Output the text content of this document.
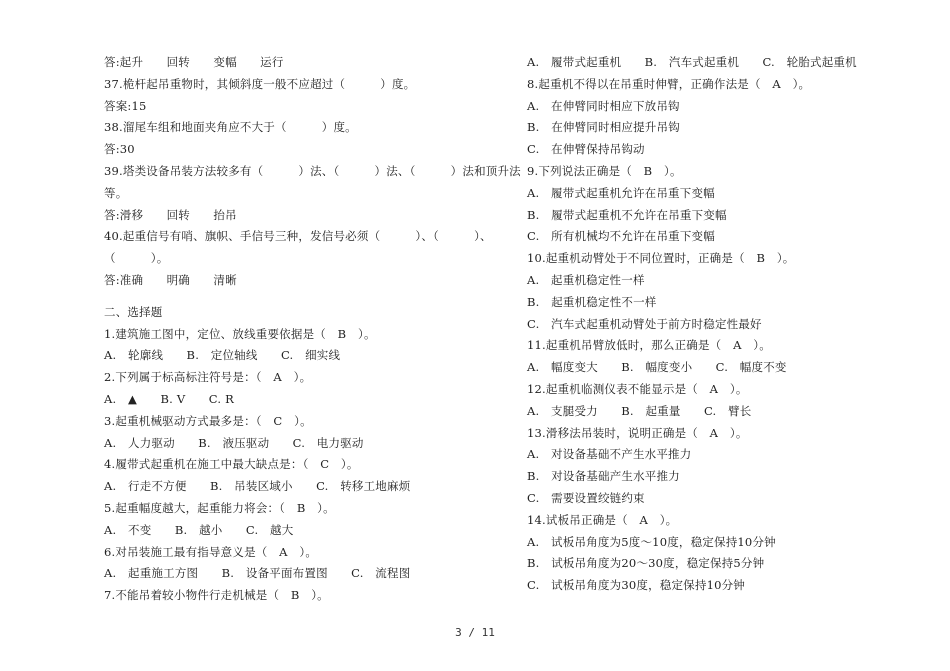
答:起升　　回转　　变幅　　运行
37.桅杆起吊重物时，其倾斜度一般不应超过（　　　）度。
答案:15
38.溜尾车组和地面夹角应不大于（　　　）度。
答:30
39.塔类设备吊装方法较多有（　　　）法、（　　　）法、（　　　）法和顶升法
等。
答:滑移　　回转　　抬吊
40.起重信号有哨、旗帜、手信号三种，发信号必须（　　　）、（　　　）、
（　　　）。
答:准确　　明确　　清晰
二、选择题
1.建筑施工图中，定位、放线重要依据是（　B　）。
A.　轮廓线　　B.　定位轴线　　C.　细实线
2.下列属于标高标注符号是：（　A　）。
A.　▲　　B. V　　C. R
3.起重机械驱动方式最多是：（　C　）。
A.　人力驱动　　B.　液压驱动　　C.　电力驱动
4.履带式起重机在施工中最大缺点是：（　C　）。
A.　行走不方便　　B.　吊装区域小　　C.　转移工地麻烦
5.起重幅度越大，起重能力将会：（　B　）。
A.　不变　　B.　越小　　C.　越大
6.对吊装施工最有指导意义是（　A　）。
A.　起重施工方图　　B.　设备平面布置图　　C.　流程图
7.不能吊着较小物件行走机械是（　B　）。
A.　履带式起重机　　B.　汽车式起重机　　C.　轮胎式起重机
8.起重机不得以在吊重时伸臂，正确作法是（　A　）。
A.　在伸臂同时相应下放吊钩
B.　在伸臂同时相应提升吊钩
C.　在伸臂保持吊钩动
9.下列说法正确是（　B　）。
A.　履带式起重机允许在吊重下变幅
B.　履带式起重机不允许在吊重下变幅
C.　所有机械均不允许在吊重下变幅
10.起重机动臂处于不同位置时，正确是（　B　）。
A.　起重机稳定性一样
B.　起重机稳定性不一样
C.　汽车式起重机动臂处于前方时稳定性最好
11.起重机吊臂放低时，那么正确是（　A　）。
A.　幅度变大　　B.　幅度变小　　C.　幅度不变
12.起重机临测仪表不能显示是（　A　）。
A.　支腿受力　　B.　起重量　　C.　臂长
13.滑移法吊装时，说明正确是（　A　）。
A.　对设备基础不产生水平推力
B.　对设备基础产生水平推力
C.　需要设置绞链约束
14.试板吊正确是（　A　）。
A.　试板吊角度为5度～10度，稳定保持10分钟
B.　试板吊角度为20～30度，稳定保持5分钟
C.　试板吊角度为30度，稳定保持10分钟
3 / 11
